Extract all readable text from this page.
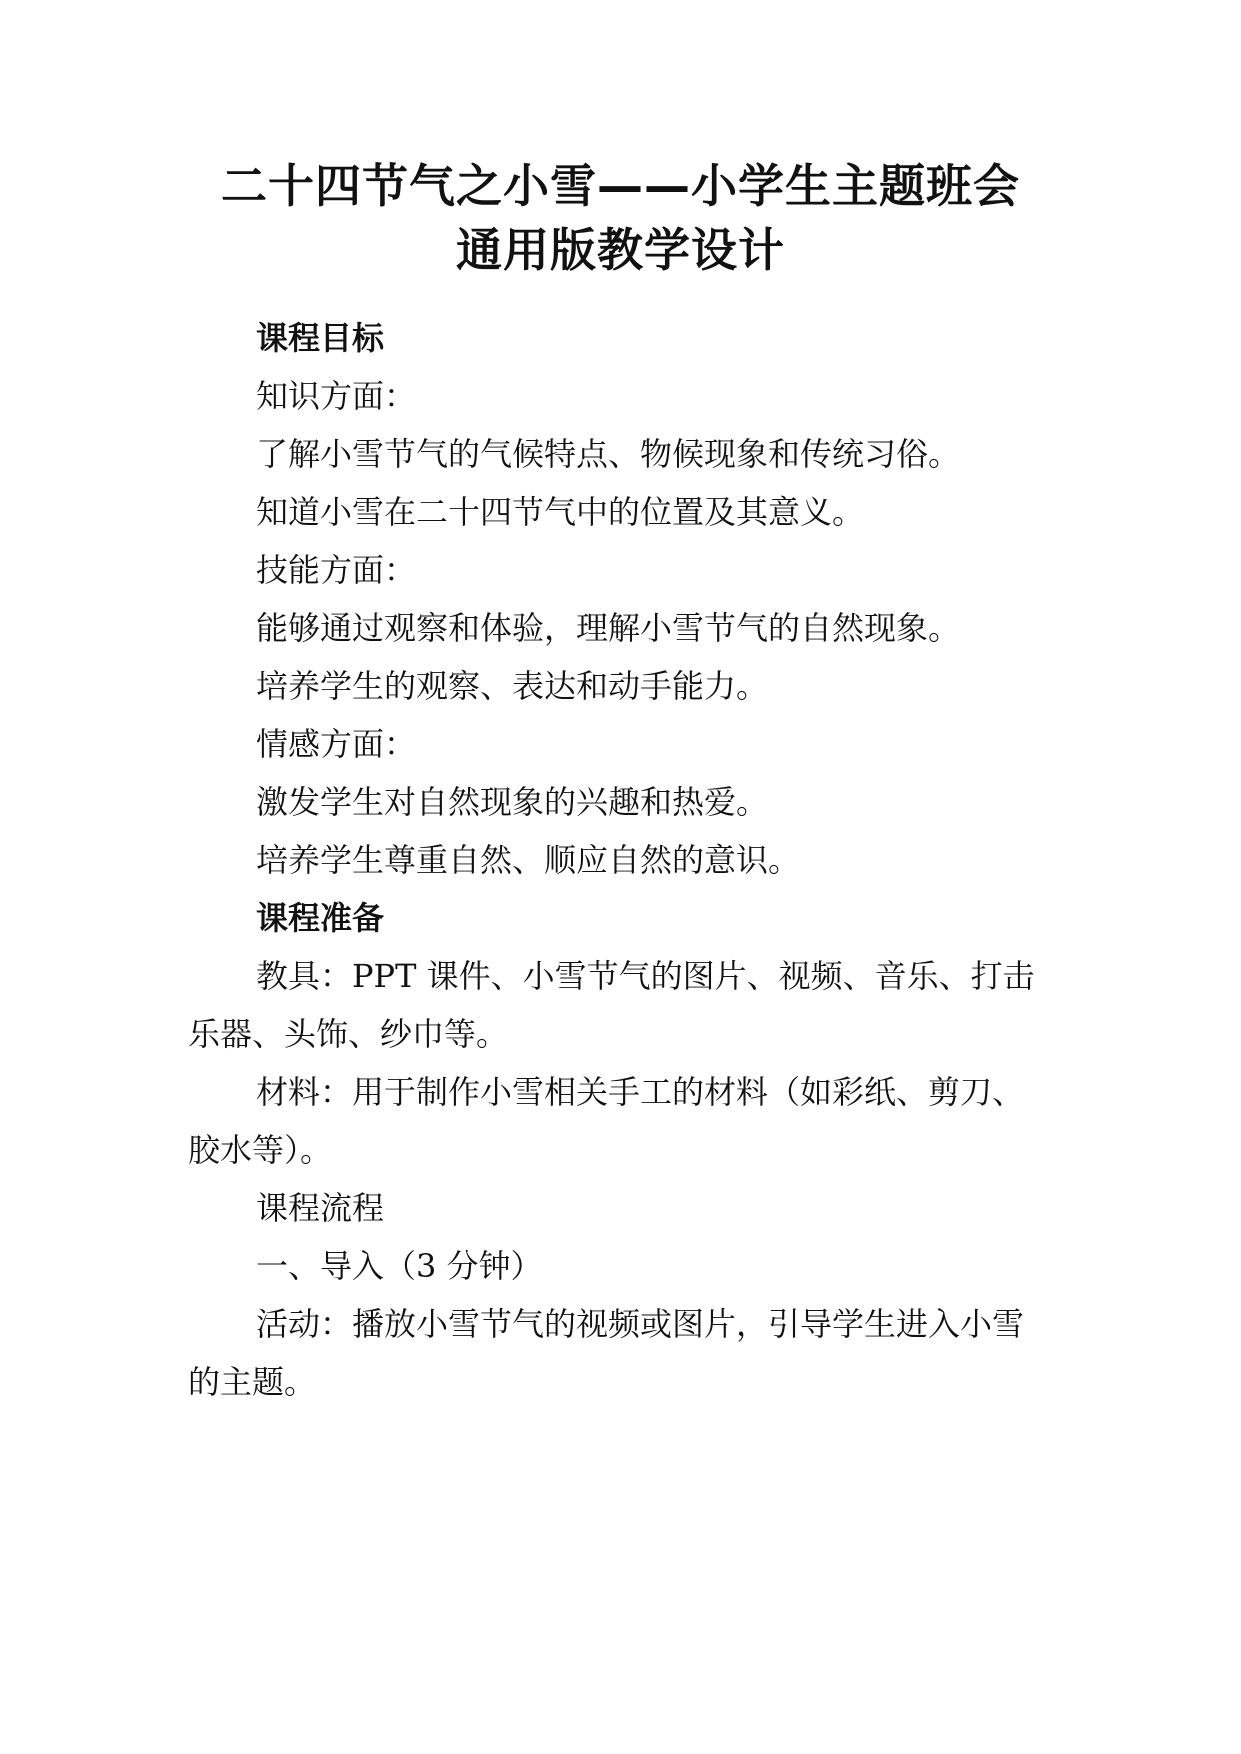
二十四节气之小雪——小学生主题班会
通用版教学设计
课程目标
知识方面：
了解小雪节气的气候特点、物候现象和传统习俗。
知道小雪在二十四节气中的位置及其意义。
技能方面：
能够通过观察和体验，理解小雪节气的自然现象。
培养学生的观察、表达和动手能力。
情感方面：
激发学生对自然现象的兴趣和热爱。
培养学生尊重自然、顺应自然的意识。
课程准备
教具：PPT 课件、小雪节气的图片、视频、音乐、打击
乐器、头饰、纱巾等。
材料：用于制作小雪相关手工的材料（如彩纸、剪刀、
胶水等）。
课程流程
一、导入（3 分钟）
活动：播放小雪节气的视频或图片，引导学生进入小雪
的主题。
